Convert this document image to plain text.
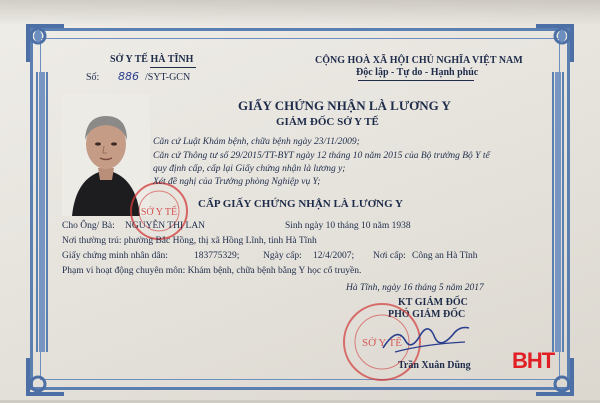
SỞ Y TẾ HÀ TĨNH
Số: 886 /SYT-GCN
CỘNG HOÀ XÃ HỘI CHỦ NGHĨA VIỆT NAM
Độc lập - Tự do - Hạnh phúc
SỞ Y TẾ
GIẤY CHỨNG NHẬN LÀ LƯƠNG Y
GIÁM ĐỐC SỞ Y TẾ
Căn cứ Luật Khám bệnh, chữa bệnh ngày 23/11/2009;
Căn cứ Thông tư số 29/2015/TT-BYT ngày 12 tháng 10 năm 2015 của Bộ trưởng Bộ Y tế
quy định cấp, cấp lại Giấy chứng nhận là lương y;
Xét đề nghị của Trưởng phòng Nghiệp vụ Y;
CẤP GIẤY CHỨNG NHẬN LÀ LƯƠNG Y
Cho Ông/ Bà: NGUYỄN THỊ LAN	Sinh ngày 10 tháng 10 năm 1938
Nơi thường trú: phường Bắc Hồng, thị xã Hồng Lĩnh, tỉnh Hà Tĩnh
Giấy chứng minh nhân dân:	183775329; Ngày cấp: 12/4/2007; Nơi cấp: Công an Hà Tĩnh
Phạm vi hoạt động chuyên môn: Khám bệnh, chữa bệnh bằng Y học cổ truyền.
Hà Tĩnh, ngày 16 tháng 5 năm 2017
KT GIÁM ĐỐC
PHÓ GIÁM ĐỐC
SỞ Y TẾ
Trần Xuân Dũng BHT
